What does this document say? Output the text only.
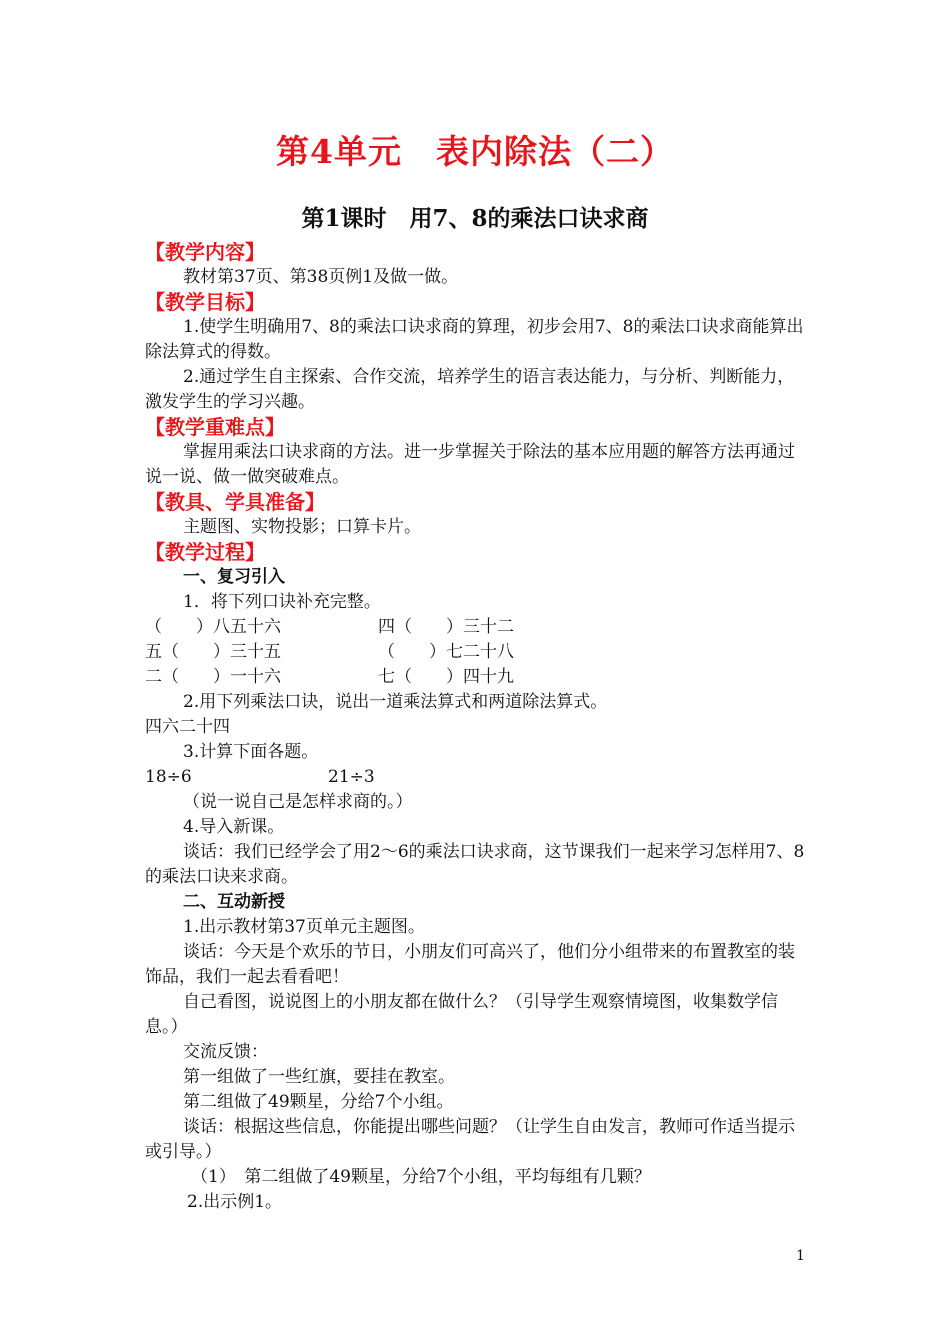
第4单元　表内除法（二）
第1课时　用7、8的乘法口诀求商

【教学内容】

教材第37页、第38页例1及做一做。

【教学目标】

1.使学生明确用7、8的乘法口诀求商的算理，初步会用7、8的乘法口诀求商能算出除法算式的得数。

2.通过学生自主探索、合作交流，培养学生的语言表达能力，与分析、判断能力，激发学生的学习兴趣。

【教学重难点】

掌握用乘法口诀求商的方法。进一步掌握关于除法的基本应用题的解答方法再通过说一说、做一做突破难点。

【教具、学具准备】

主题图、实物投影；口算卡片。

【教学过程】

一、复习引入

1．将下列口诀补充完整。

（　　）八五十六	四（　　）三十二
五（　　）三十五	（　　）七二十八
二（　　）一十六	七（　　）四十九

2.用下列乘法口诀，说出一道乘法算式和两道除法算式。

四六二十四

3.计算下面各题。

18÷6	21÷3

（说一说自己是怎样求商的。）

4.导入新课。

谈话：我们已经学会了用2～6的乘法口诀求商，这节课我们一起来学习怎样用7、8的乘法口诀来求商。

二、互动新授

1.出示教材第37页单元主题图。

谈话：今天是个欢乐的节日，小朋友们可高兴了，他们分小组带来的布置教室的装饰品，我们一起去看看吧！

自己看图，说说图上的小朋友都在做什么？（引导学生观察情境图，收集数学信息。）

交流反馈：

第一组做了一些红旗，要挂在教室。

第二组做了49颗星，分给7个小组。

谈话：根据这些信息，你能提出哪些问题？（让学生自由发言，教师可作适当提示或引导。）

（1）　第二组做了49颗星，分给7个小组，平均每组有几颗？

2.出示例1。

1
